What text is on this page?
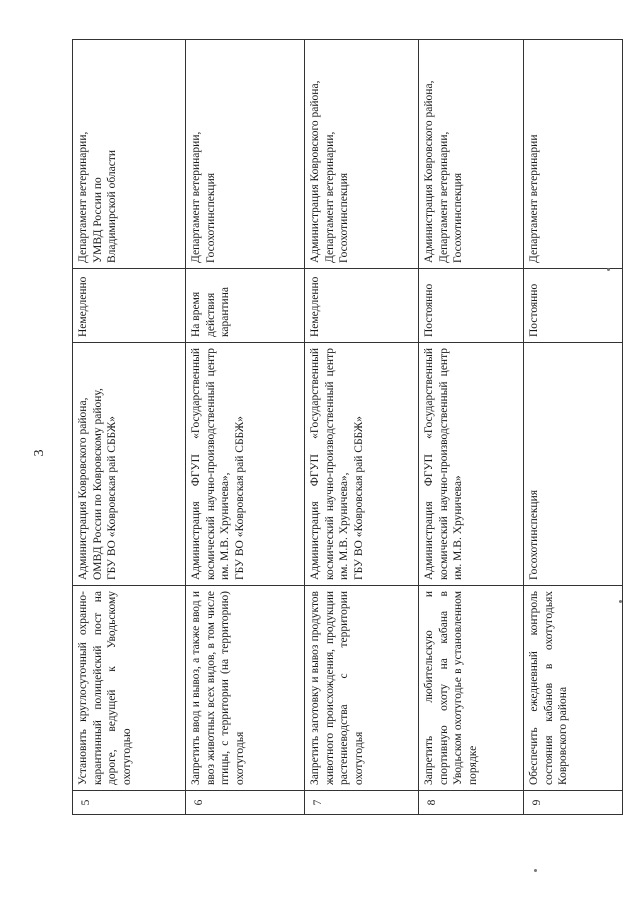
3
5	Установить круглосуточный охранно-карантинный полицейский пост на дороге, ведущей к Уводьскому охотугодью	Администрация Ковровского района, ОМВД России по Ковровскому району, ГБУ ВО «Ковровская рай СББЖ»	Немедленно	Департамент ветеринарии, УМВД России по Владимирской области

6	Запретить ввод и вывоз, а также ввод и ввоз животных всех видов, в том числе птицы, с территории (на территорию) охотугодья	Администрация ФГУП «Государственный космический научно-производственный центр им. М.В. Хруничева», ГБУ ВО «Ковровская рай СББЖ»	На время действия карантина	Департамент ветеринарии, Госохотинспекция

7	Запретить заготовку и вывоз продуктов животного происхождения, продукции растениеводства с территории охотугодья	Администрация ФГУП «Государственный космический научно-производственный центр им. М.В. Хруничева», ГБУ ВО «Ковровская рай СББЖ»	Немедленно	Администрация Ковровского района, Департамент ветеринарии, Госохотинспекция

8	Запретить любительскую и спортивную охоту на кабана в Уводьском охотугодье в установленном порядке	Администрация ФГУП «Государственный космический научно-производственный центр им. М.В. Хруничева»	Постоянно	Администрация Ковровского района, Департамент ветеринарии, Госохотинспекция

9	Обеспечить ежедневный контроль состояния кабанов в охотугодьях Ковровского района	Госохотинспекция	Постоянно	Департамент ветеринарии
